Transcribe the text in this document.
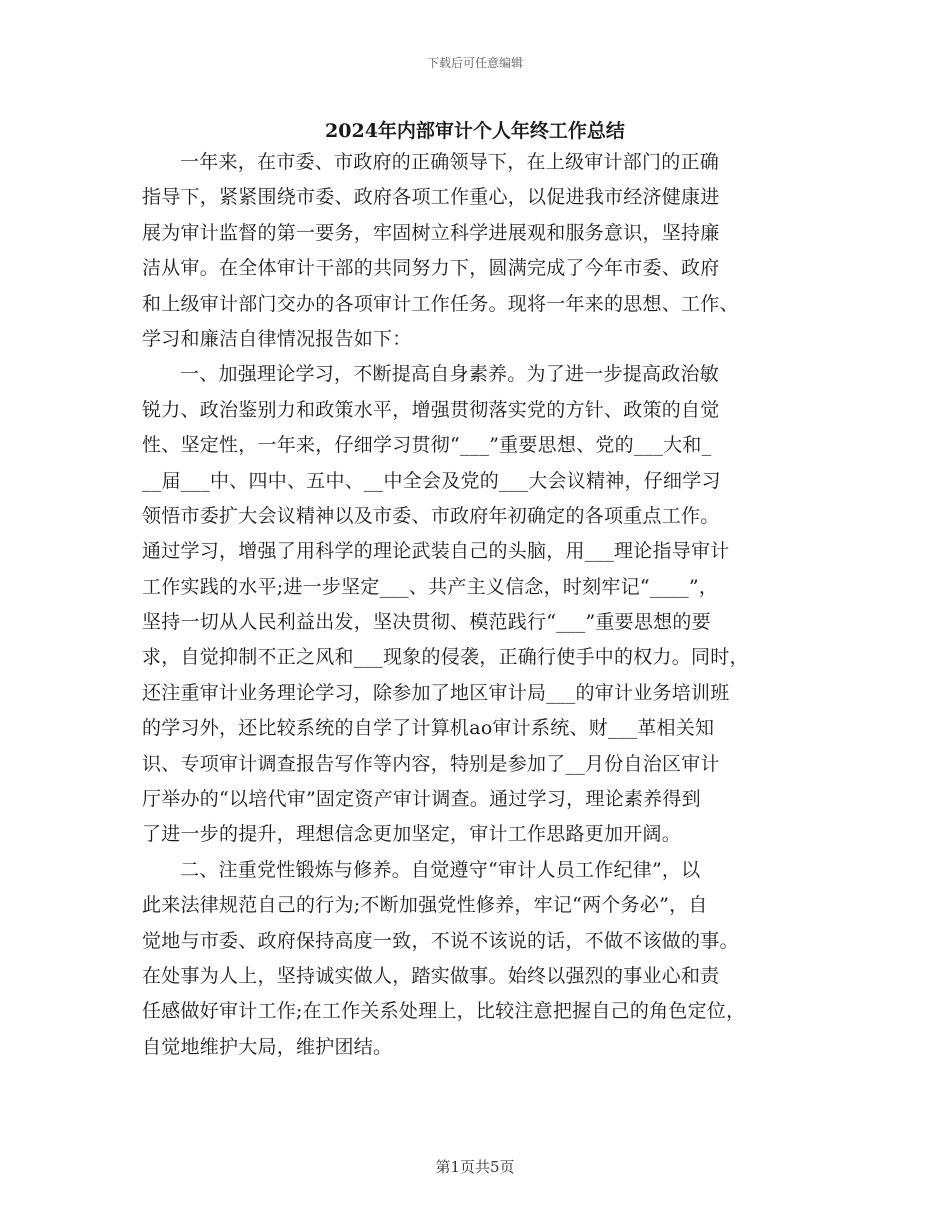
下载后可任意编辑
2024年内部审计个人年终工作总结
一年来，在市委、市政府的正确领导下，在上级审计部门的正确
指导下，紧紧围绕市委、政府各项工作重心，以促进我市经济健康进
展为审计监督的第一要务，牢固树立科学进展观和服务意识，坚持廉
洁从审。在全体审计干部的共同努力下，圆满完成了今年市委、政府
和上级审计部门交办的各项审计工作任务。现将一年来的思想、工作、
学习和廉洁自律情况报告如下：
一、加强理论学习，不断提高自身素养。为了进一步提高政治敏
锐力、政治鉴别力和政策水平，增强贯彻落实党的方针、政策的自觉
性、坚定性，一年来，仔细学习贯彻“___”重要思想、党的___大和_
__届___中、四中、五中、__中全会及党的___大会议精神，仔细学习
领悟市委扩大会议精神以及市委、市政府年初确定的各项重点工作。
通过学习，增强了用科学的理论武装自己的头脑，用___理论指导审计
工作实践的水平;进一步坚定___、共产主义信念，时刻牢记“____”，
坚持一切从人民利益出发，坚决贯彻、模范践行“___”重要思想的要
求，自觉抑制不正之风和___现象的侵袭，正确行使手中的权力。同时，
还注重审计业务理论学习，除参加了地区审计局___的审计业务培训班
的学习外，还比较系统的自学了计算机ao审计系统、财___革相关知
识、专项审计调查报告写作等内容，特别是参加了__月份自治区审计
厅举办的“以培代审”固定资产审计调查。通过学习，理论素养得到
了进一步的提升，理想信念更加坚定，审计工作思路更加开阔。
二、注重党性锻炼与修养。自觉遵守“审计人员工作纪律”，以
此来法律规范自己的行为;不断加强党性修养，牢记“两个务必”，自
觉地与市委、政府保持高度一致，不说不该说的话，不做不该做的事。
在处事为人上，坚持诚实做人，踏实做事。始终以强烈的事业心和责
任感做好审计工作;在工作关系处理上，比较注意把握自己的角色定位，
自觉地维护大局，维护团结。
第1页共5页
